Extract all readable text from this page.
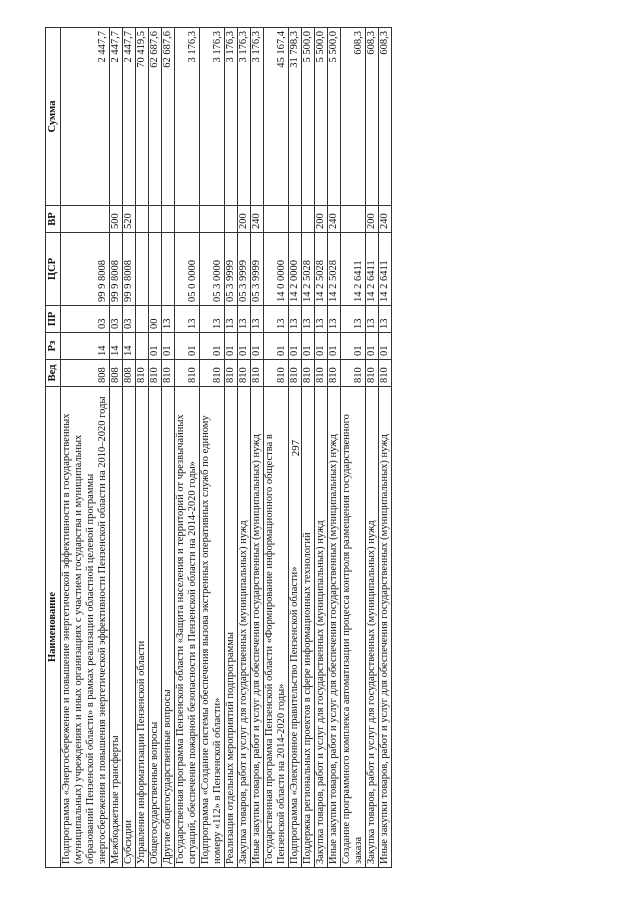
297
Наименование	Вед	Рз	ПР	ЦСР	ВР	Сумма
Подпрограмма «Энергосбережение и повышение энергетической эффективности в государственных (муниципальных) учреждениях и иных организациях с участием государства и муниципальных образований Пензенской области» в рамках реализации областной целевой программы энергосбережения и повышения энергетической эффективности Пензенской области на 2010–2020 годы	808	14	03	99 9 8008		2 447,7
Межбюджетные трансферты	808	14	03	99 9 8008	500	2 447,7
Субсидии	808	14	03	99 9 8008	520	2 447,7
Управление информатизации Пензенской области	810					70 419,5
Общегосударственные вопросы	810	01	00			62 687,6
Другие общегосударственные вопросы	810	01	13			62 687,6
Государственная программа Пензенской области «Защита населения и территорий от чрезвычайных ситуаций, обеспечение пожарной безопасности в Пензенской области на 2014-2020 годы»	810	01	13	05 0 0000		3 176,3
Подпрограмма «Создание системы обеспечения вызова экстренных оперативных служб по единому номеру «112» в Пензенской области»	810	01	13	05 3 0000		3 176,3
Реализация отдельных мероприятий подпрограммы	810	01	13	05 3 9999		3 176,3
Закупка товаров, работ и услуг для государственных (муниципальных) нужд	810	01	13	05 3 9999	200	3 176,3
Иные закупки товаров, работ и услуг для обеспечения государственных (муниципальных) нужд	810	01	13	05 3 9999	240	3 176,3
Государственная программа Пензенской области «Формирование информационного общества в Пензенской области на 2014-2020 годы»	810	01	13	14 0 0000		45 167,4
Подпрограмма «Электронное правительство Пензенской области»	810	01	13	14 2 0000		31 798,3
Поддержка региональных проектов в сфере информационных технологий	810	01	13	14 2 5028		5 500,0
Закупка товаров, работ и услуг для государственных (муниципальных) нужд	810	01	13	14 2 5028	200	5 500,0
Иные закупки товаров, работ и услуг для обеспечения государственных (муниципальных) нужд	810	01	13	14 2 5028	240	5 500,0
Создание программного комплекса автоматизации процесса контроля размещения государственного заказа	810	01	13	14 2 6411		608,3
Закупка товаров, работ и услуг для государственных (муниципальных) нужд	810	01	13	14 2 6411	200	608,3
Иные закупки товаров, работ и услуг для обеспечения государственных (муниципальных) нужд	810	01	13	14 2 6411	240	608,3
